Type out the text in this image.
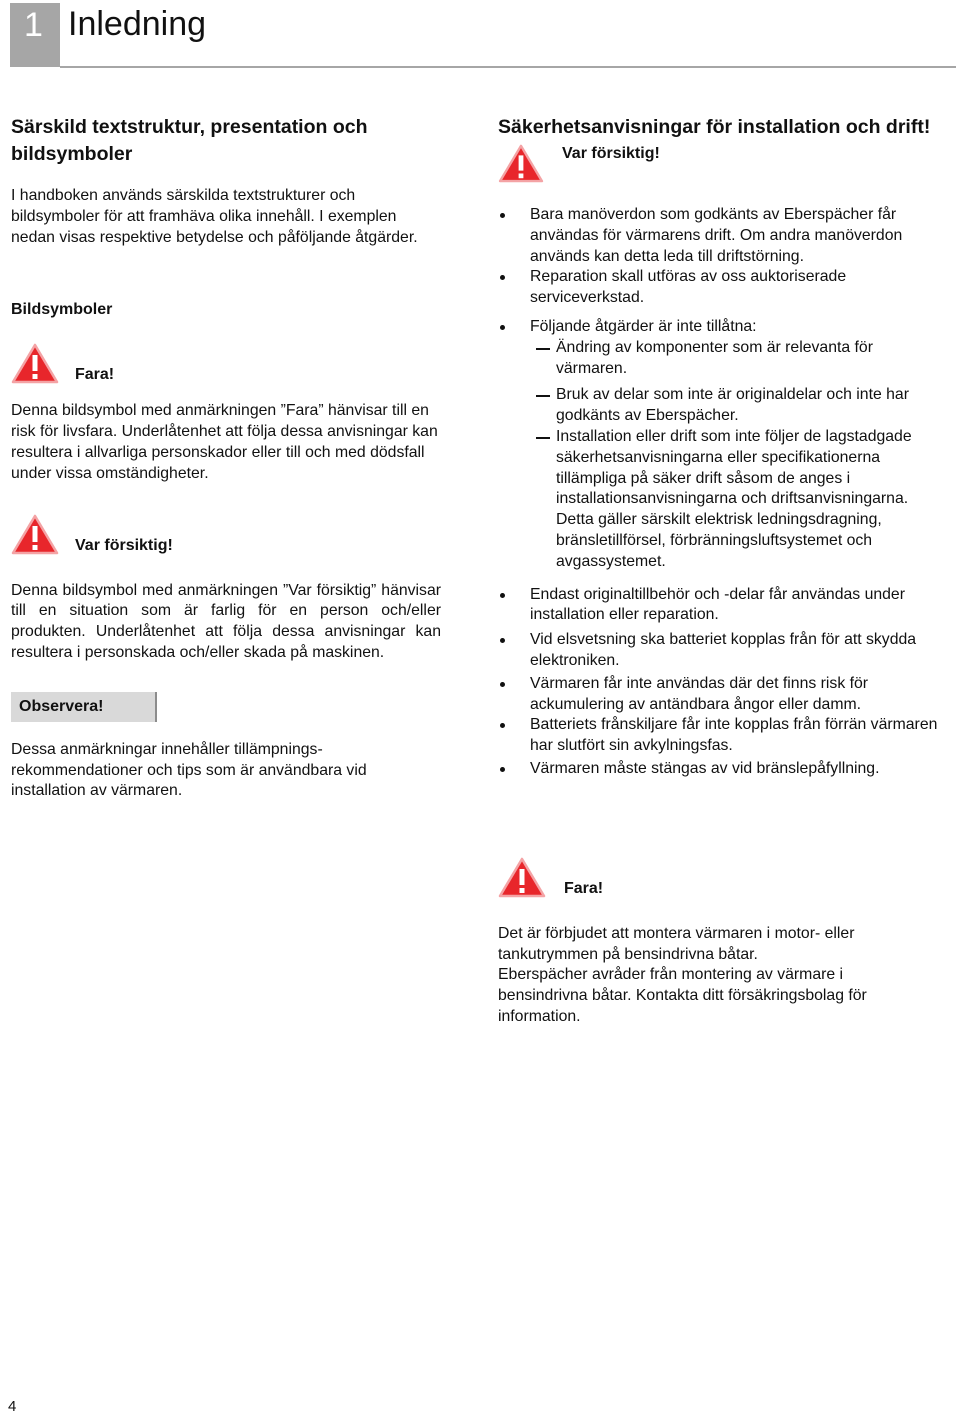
1 Inledning
Särskild textstruktur, presentation och bildsymboler

I handboken används särskilda textstrukturer och bildsymboler för att framhäva olika innehåll. I exemplen nedan visas respektive betydelse och påföljande åtgärder.

Bildsymboler
Fara!

Denna bildsymbol med anmärkningen ”Fara” hänvisar till en risk för livsfara. Underlåtenhet att följa dessa anvisningar kan resultera i allvarliga personskador eller till och med dödsfall under vissa omständigheter.

Var försiktig!

Denna bildsymbol med anmärkningen ”Var försiktig” hänvisar till en situation som är farlig för en person och/eller produkten. Underlåtenhet att följa dessa anvisningar kan resultera i personskada och/eller skada på maskinen.

Observera!

Dessa anmärkningar innehåller tillämpnings-rekommendationer och tips som är användbara vid installation av värmaren.

Säkerhetsanvisningar för installation och drift!
Var försiktig!
Bara manöverdon som godkänts av Eberspächer får användas för värmarens drift. Om andra manöverdon används kan detta leda till driftstörning.
Reparation skall utföras av oss auktoriserade serviceverkstad.
Följande åtgärder är inte tillåtna:
Ändring av komponenter som är relevanta för värmaren.
Bruk av delar som inte är originaldelar och inte har godkänts av Eberspächer.
Installation eller drift som inte följer de lagstadgade säkerhetsanvisningarna eller specifikationerna tillämpliga på säker drift såsom de anges i installationsanvisningarna och driftsanvisningarna. Detta gäller särskilt elektrisk ledningsdragning, bränsletillförsel, förbränningsluftsystemet och avgassystemet.
Endast originaltillbehör och -delar får användas under installation eller reparation.
Vid elsvetsning ska batteriet kopplas från för att skydda elektroniken.
Värmaren får inte användas där det finns risk för ackumulering av antändbara ångor eller damm.
Batteriets frånskiljare får inte kopplas från förrän värmaren har slutfört sin avkylningsfas.
Värmaren måste stängas av vid bränslepåfyllning.
Fara!

Det är förbjudet att montera värmaren i motor- eller tankutrymmen på bensindrivna båtar.

Eberspächer avråder från montering av värmare i bensindrivna båtar. Kontakta ditt försäkringsbolag för information.

4
